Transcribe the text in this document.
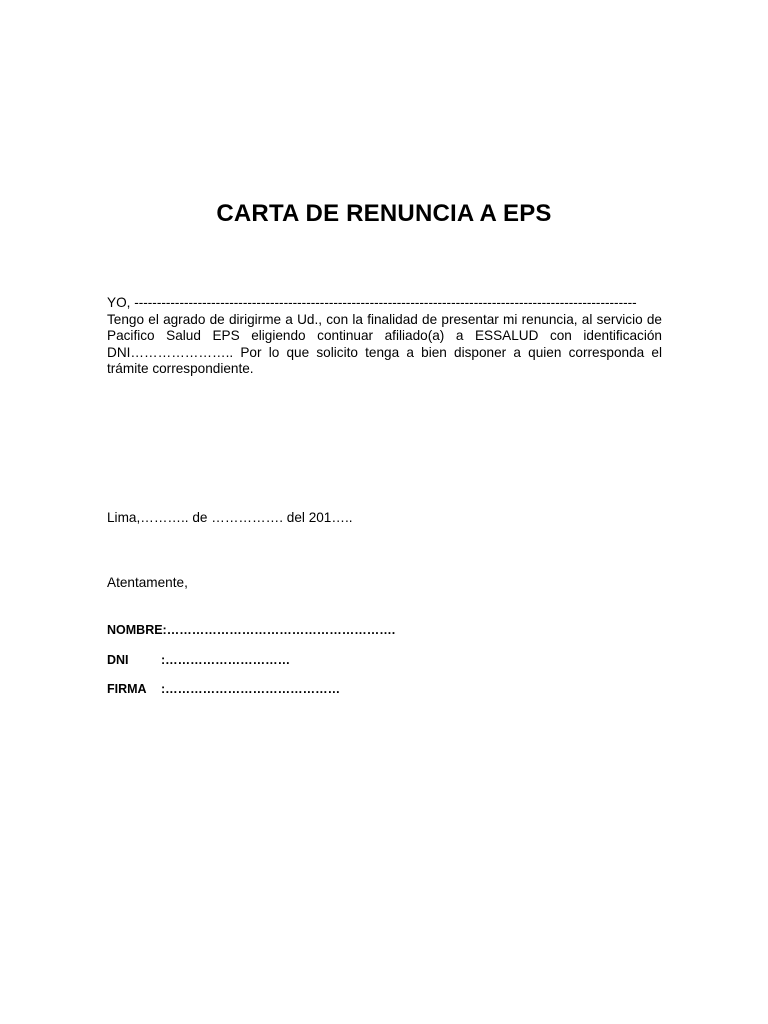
CARTA DE RENUNCIA A EPS
YO, ---------------------------------------------------------------------------------------------------------------
Tengo el agrado de dirigirme a Ud., con la finalidad de presentar mi renuncia, al servicio de Pacifico Salud EPS eligiendo continuar afiliado(a) a ESSALUD con identificación DNI………………….. Por lo que solicito tenga a bien disponer a quien corresponda el trámite correspondiente.
Lima,……….. de ……………. del 201…..
Atentamente,
NOMBRE:……………………………………………….
DNI	:…………………………
FIRMA :……………………………………
